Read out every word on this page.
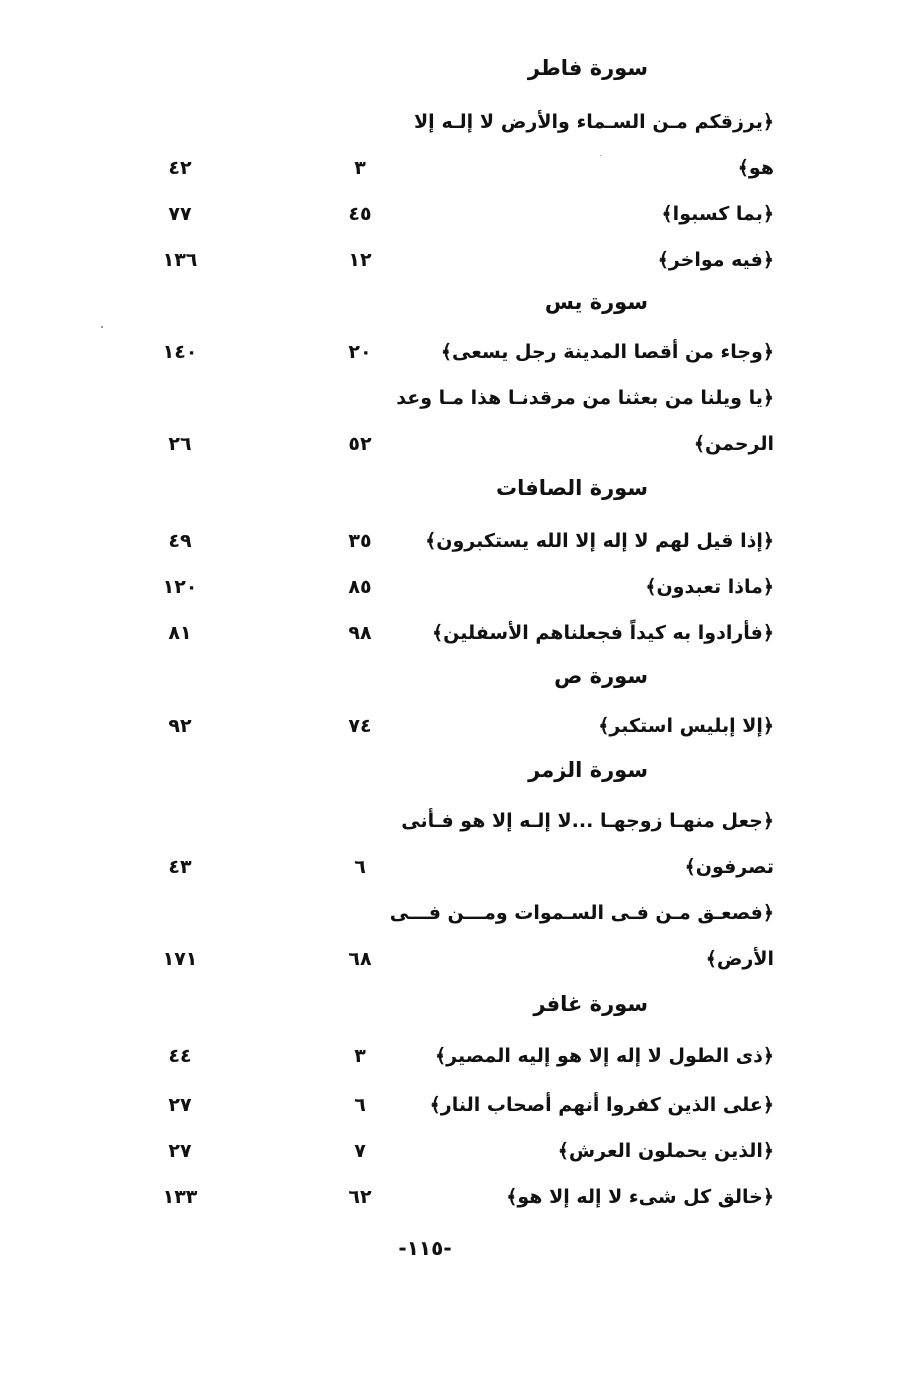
-١١٥-
سورة فاطر
﴿يرزقكم مـن السـماء والأرض لا إلـه إلا
هو﴾
٣
٤٢
﴿بما كسبوا﴾
٤٥
٧٧
﴿فيه مواخر﴾
١٢
١٣٦
سورة يس
﴿وجاء من أقصا المدينة رجل يسعى﴾
٢٠
١٤٠
﴿يا ويلنا من بعثنا من مرقدنـا هذا مـا وعد
الرحمن﴾
٥٢
٢٦
سورة الصافات
﴿إذا قيل لهم لا إله إلا الله يستكبرون﴾
٣٥
٤٩
﴿ماذا تعبدون﴾
٨٥
١٢٠
﴿فأرادوا به كيداً فجعلناهم الأسفلين﴾
٩٨
٨١
سورة ص
﴿إلا إبليس استكبر﴾
٧٤
٩٢
سورة الزمر
﴿جعل منهـا زوجهـا ...لا إلـه إلا هو فـأنى
تصرفون﴾
٦
٤٣
﴿فصعـق مـن فـى السـموات ومـــن فـــى
الأرض﴾
٦٨
١٧١
سورة غافر
﴿ذى الطول لا إله إلا هو إليه المصير﴾
٣
٤٤
﴿على الذين كفروا أنهم أصحاب النار﴾
٦
٢٧
﴿الذين يحملون العرش﴾
٧
٢٧
﴿خالق كل شىء لا إله إلا هو﴾
٦٢
١٣٣
